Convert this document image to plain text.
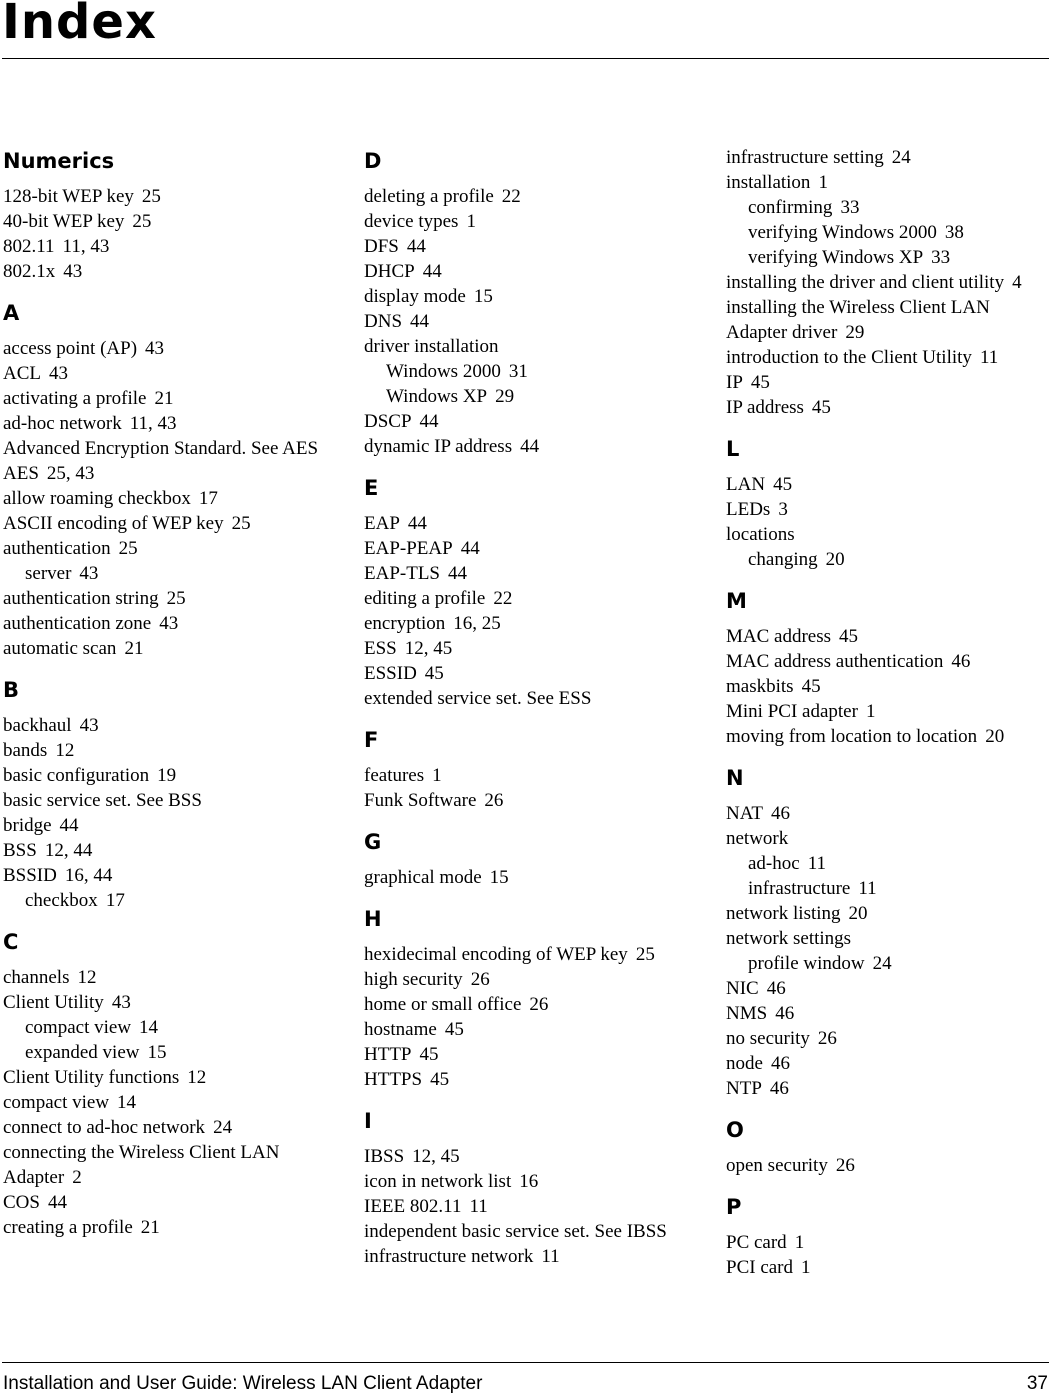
Index
Numerics
128-bit WEP key 25
40-bit WEP key 25
802.11 11, 43
802.1x 43
A
access point (AP) 43
ACL 43
activating a profile 21
ad-hoc network 11, 43
Advanced Encryption Standard. See AES
AES 25, 43
allow roaming checkbox 17
ASCII encoding of WEP key 25
authentication 25
server 43
authentication string 25
authentication zone 43
automatic scan 21
B
backhaul 43
bands 12
basic configuration 19
basic service set. See BSS
bridge 44
BSS 12, 44
BSSID 16, 44
checkbox 17
C
channels 12
Client Utility 43
compact view 14
expanded view 15
Client Utility functions 12
compact view 14
connect to ad-hoc network 24
connecting the Wireless Client LAN Adapter 2
COS 44
creating a profile 21
D
deleting a profile 22
device types 1
DFS 44
DHCP 44
display mode 15
DNS 44
driver installation
Windows 2000 31
Windows XP 29
DSCP 44
dynamic IP address 44
E
EAP 44
EAP-PEAP 44
EAP-TLS 44
editing a profile 22
encryption 16, 25
ESS 12, 45
ESSID 45
extended service set. See ESS
F
features 1
Funk Software 26
G
graphical mode 15
H
hexidecimal encoding of WEP key 25
high security 26
home or small office 26
hostname 45
HTTP 45
HTTPS 45
I
IBSS 12, 45
icon in network list 16
IEEE 802.11 11
independent basic service set. See IBSS
infrastructure network 11
infrastructure setting 24
installation 1
confirming 33
verifying Windows 2000 38
verifying Windows XP 33
installing the driver and client utility 4
installing the Wireless Client LAN Adapter driver 29
introduction to the Client Utility 11
IP 45
IP address 45
L
LAN 45
LEDs 3
locations
changing 20
M
MAC address 45
MAC address authentication 46
maskbits 45
Mini PCI adapter 1
moving from location to location 20
N
NAT 46
network
ad-hoc 11
infrastructure 11
network listing 20
network settings
profile window 24
NIC 46
NMS 46
no security 26
node 46
NTP 46
O
open security 26
P
PC card 1
PCI card 1
Installation and User Guide: Wireless LAN Client Adapter	37
